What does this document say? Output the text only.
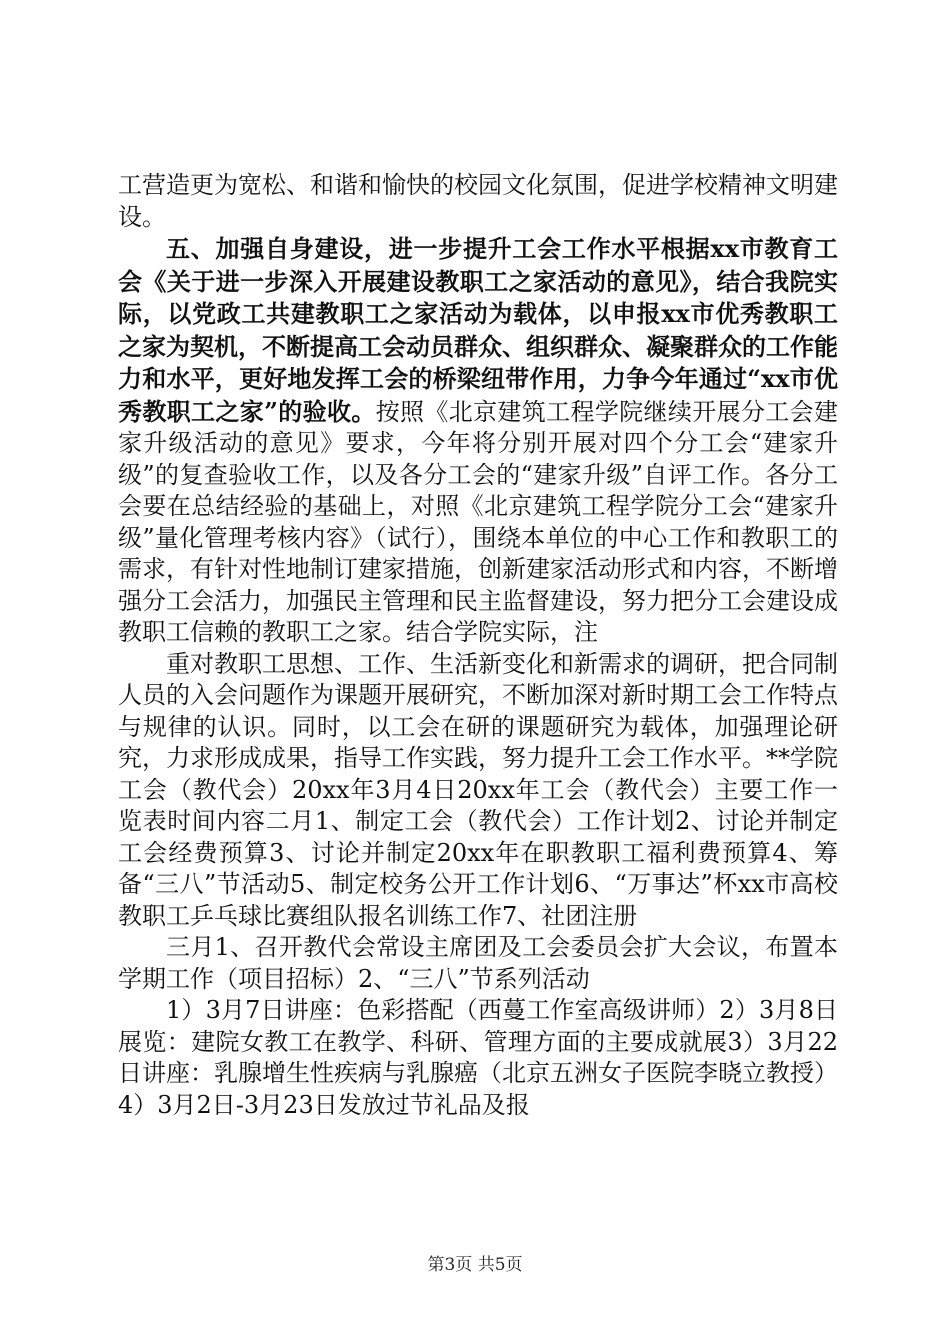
工营造更为宽松、和谐和愉快的校园文化氛围，促进学校精神文明建设。

五、加强自身建设，进一步提升工会工作水平根据xx市教育工会《关于进一步深入开展建设教职工之家活动的意见》，结合我院实际，以党政工共建教职工之家活动为载体，以申报xx市优秀教职工之家为契机，不断提高工会动员群众、组织群众、凝聚群众的工作能力和水平，更好地发挥工会的桥梁纽带作用，力争今年通过“xx市优秀教职工之家”的验收。按照《北京建筑工程学院继续开展分工会建家升级活动的意见》要求，今年将分别开展对四个分工会“建家升级”的复查验收工作，以及各分工会的“建家升级”自评工作。各分工会要在总结经验的基础上，对照《北京建筑工程学院分工会“建家升级”量化管理考核内容》（试行），围绕本单位的中心工作和教职工的需求，有针对性地制订建家措施，创新建家活动形式和内容，不断增强分工会活力，加强民主管理和民主监督建设，努力把分工会建设成教职工信赖的教职工之家。结合学院实际，注

重对教职工思想、工作、生活新变化和新需求的调研，把合同制人员的入会问题作为课题开展研究，不断加深对新时期工会工作特点与规律的认识。同时，以工会在研的课题研究为载体，加强理论研究，力求形成成果，指导工作实践，努力提升工会工作水平。**学院工会（教代会）20xx年3月4日20xx年工会（教代会）主要工作一览表时间内容二月1、制定工会（教代会）工作计划2、讨论并制定工会经费预算3、讨论并制定20xx年在职教职工福利费预算4、筹备“三八”节活动5、制定校务公开工作计划6、“万事达”杯xx市高校教职工乒乓球比赛组队报名训练工作7、社团注册

三月1、召开教代会常设主席团及工会委员会扩大会议，布置本学期工作（项目招标）2、“三八”节系列活动

1）3月7日讲座：色彩搭配（西蔓工作室高级讲师）2）3月8日展览：建院女教工在教学、科研、管理方面的主要成就展3）3月22日讲座：乳腺增生性疾病与乳腺癌（北京五洲女子医院李晓立教授）4）3月2日-3月23日发放过节礼品及报

第3页 共5页
